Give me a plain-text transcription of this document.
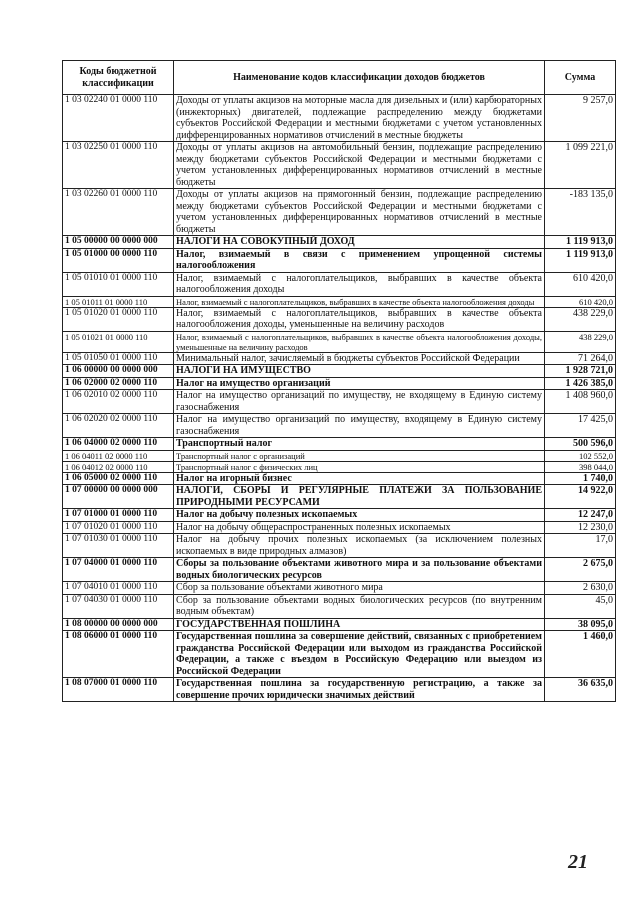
Коды бюджетной классификации	Наименование кодов классификации доходов бюджетов	Сумма
1 03 02240 01 0000 110	Доходы от уплаты акцизов на моторные масла для дизельных и (или) карбюраторных (инжекторных) двигателей, подлежащие распределению между бюджетами субъектов Российской Федерации и местными бюджетами с учетом установленных дифференцированных нормативов отчислений в местные бюджеты	9 257,0
1 03 02250 01 0000 110	Доходы от уплаты акцизов на автомобильный бензин, подлежащие распределению между бюджетами субъектов Российской Федерации и местными бюджетами с учетом установленных дифференцированных нормативов отчислений в местные бюджеты	1 099 221,0
1 03 02260 01 0000 110	Доходы от уплаты акцизов на прямогонный бензин, подлежащие распределению между бюджетами субъектов Российской Федерации и местными бюджетами с учетом установленных дифференцированных нормативов отчислений в местные бюджеты	-183 135,0
1 05 00000 00 0000 000	НАЛОГИ НА СОВОКУПНЫЙ ДОХОД	1 119 913,0
1 05 01000 00 0000 110	Налог, взимаемый в связи с применением упрощенной системы налогообложения	1 119 913,0
1 05 01010 01 0000 110	Налог, взимаемый с налогоплательщиков, выбравших в качестве объекта налогообложения доходы	610 420,0
1 05 01011 01 0000 110	Налог, взимаемый с налогоплательщиков, выбравших в качестве объекта налогообложения доходы	610 420,0
1 05 01020 01 0000 110	Налог, взимаемый с налогоплательщиков, выбравших в качестве объекта налогообложения доходы, уменьшенные на величину расходов	438 229,0
1 05 01021 01 0000 110	Налог, взимаемый с налогоплательщиков, выбравших в качестве объекта налогообложения доходы, уменьшенные на величину расходов	438 229,0
1 05 01050 01 0000 110	Минимальный налог, зачисляемый в бюджеты субъектов Российской Федерации	71 264,0
1 06 00000 00 0000 000	НАЛОГИ НА ИМУЩЕСТВО	1 928 721,0
1 06 02000 02 0000 110	Налог на имущество организаций	1 426 385,0
1 06 02010 02 0000 110	Налог на имущество организаций по имуществу, не входящему в Единую систему газоснабжения	1 408 960,0
1 06 02020 02 0000 110	Налог на имущество организаций по имуществу, входящему в Единую систему газоснабжения	17 425,0
1 06 04000 02 0000 110	Транспортный налог	500 596,0
1 06 04011 02 0000 110	Транспортный налог с организаций	102 552,0
1 06 04012 02 0000 110	Транспортный налог с физических лиц	398 044,0
1 06 05000 02 0000 110	Налог на игорный бизнес	1 740,0
1 07 00000 00 0000 000	НАЛОГИ, СБОРЫ И РЕГУЛЯРНЫЕ ПЛАТЕЖИ ЗА ПОЛЬЗОВАНИЕ ПРИРОДНЫМИ РЕСУРСАМИ	14 922,0
1 07 01000 01 0000 110	Налог на добычу полезных ископаемых	12 247,0
1 07 01020 01 0000 110	Налог на добычу общераспространенных полезных ископаемых	12 230,0
1 07 01030 01 0000 110	Налог на добычу прочих полезных ископаемых (за исключением полезных ископаемых в виде природных алмазов)	17,0
1 07 04000 01 0000 110	Сборы за пользование объектами животного мира и за пользование объектами водных биологических ресурсов	2 675,0
1 07 04010 01 0000 110	Сбор за пользование объектами животного мира	2 630,0
1 07 04030 01 0000 110	Сбор за пользование объектами водных биологических ресурсов (по внутренним водным объектам)	45,0
1 08 00000 00 0000 000	ГОСУДАРСТВЕННАЯ ПОШЛИНА	38 095,0
1 08 06000 01 0000 110	Государственная пошлина за совершение действий, связанных с приобретением гражданства Российской Федерации или выходом из гражданства Российской Федерации, а также с въездом в Российскую Федерацию или выездом из Российской Федерации	1 460,0
1 08 07000 01 0000 110	Государственная пошлина за государственную регистрацию, а также за совершение прочих юридически значимых действий	36 635,0
21
